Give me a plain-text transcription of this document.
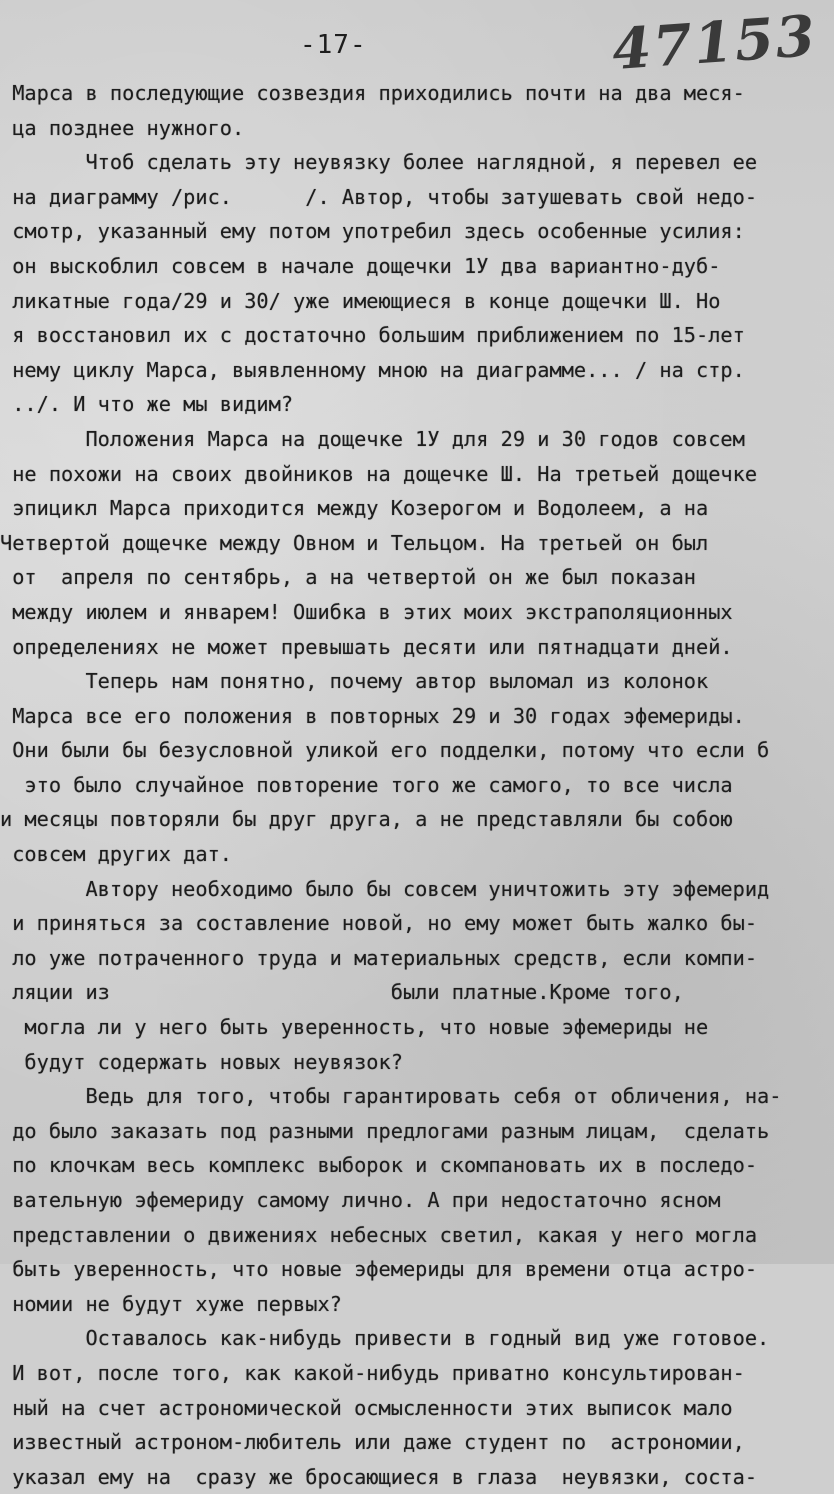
-17-	47153
Марса в последующие созвездия приходились почти на два меся-
ца позднее нужного.
Чтоб сделать эту неувязку более наглядной, я перевел ее
на диаграмму /рис.      /. Автор, чтобы затушевать свой недо-
смотр, указанный ему потом употребил здесь особенные усилия:
он выскоблил совсем в начале дощечки 1У два вариантно-дуб-
ликатные года/29 и 30/ уже имеющиеся в конце дощечки Ш. Но
я восстановил их с достаточно большим приближением по 15-лет
нему циклу Марса, выявленному мною на диаграмме... / на стр.
../. И что же мы видим?
Положения Марса на дощечке 1У для 29 и 30 годов совсем
не похожи на своих двойников на дощечке Ш. На третьей дощечке
эпицикл Марса приходится между Козерогом и Водолеем, а на
Четвертой дощечке между Овном и Тельцом. На третьей он был
от  апреля по сентябрь, а на четвертой он же был показан
между июлем и январем! Ошибка в этих моих экстраполяционных
определениях не может превышать десяти или пятнадцати дней.
Теперь нам понятно, почему автор выломал из колонок
Марса все его положения в повторных 29 и 30 годах эфемериды.
Они были бы безусловной уликой его подделки, потому что если б
это было случайное повторение того же самого, то все числа
и месяцы повторяли бы друг друга, а не представляли бы собою
совсем других дат.
Автору необходимо было бы совсем уничтожить эту эфемерид
и приняться за составление новой, но ему может быть жалко бы-
ло уже потраченного труда и материальных средств, если компи-
ляции из                       были платные.Кроме того,
могла ли у него быть уверенность, что новые эфемериды не
будут содержать новых неувязок?
Ведь для того, чтобы гарантировать себя от обличения, на-
до было заказать под разными предлогами разным лицам,  сделать
по клочкам весь комплекс выборок и скомпановать их в последо-
вательную эфемериду самому лично. А при недостаточно ясном
представлении о движениях небесных светил, какая у него могла
быть уверенность, что новые эфемериды для времени отца астро-
номии не будут хуже первых?
Оставалось как-нибудь привести в годный вид уже готовое.
И вот, после того, как какой-нибудь приватно консультирован-
ный на счет астрономической осмысленности этих выписок мало
известный астроном-любитель или даже студент по  астрономии,
указал ему на  сразу же бросающиеся в глаза  неувязки, соста-
